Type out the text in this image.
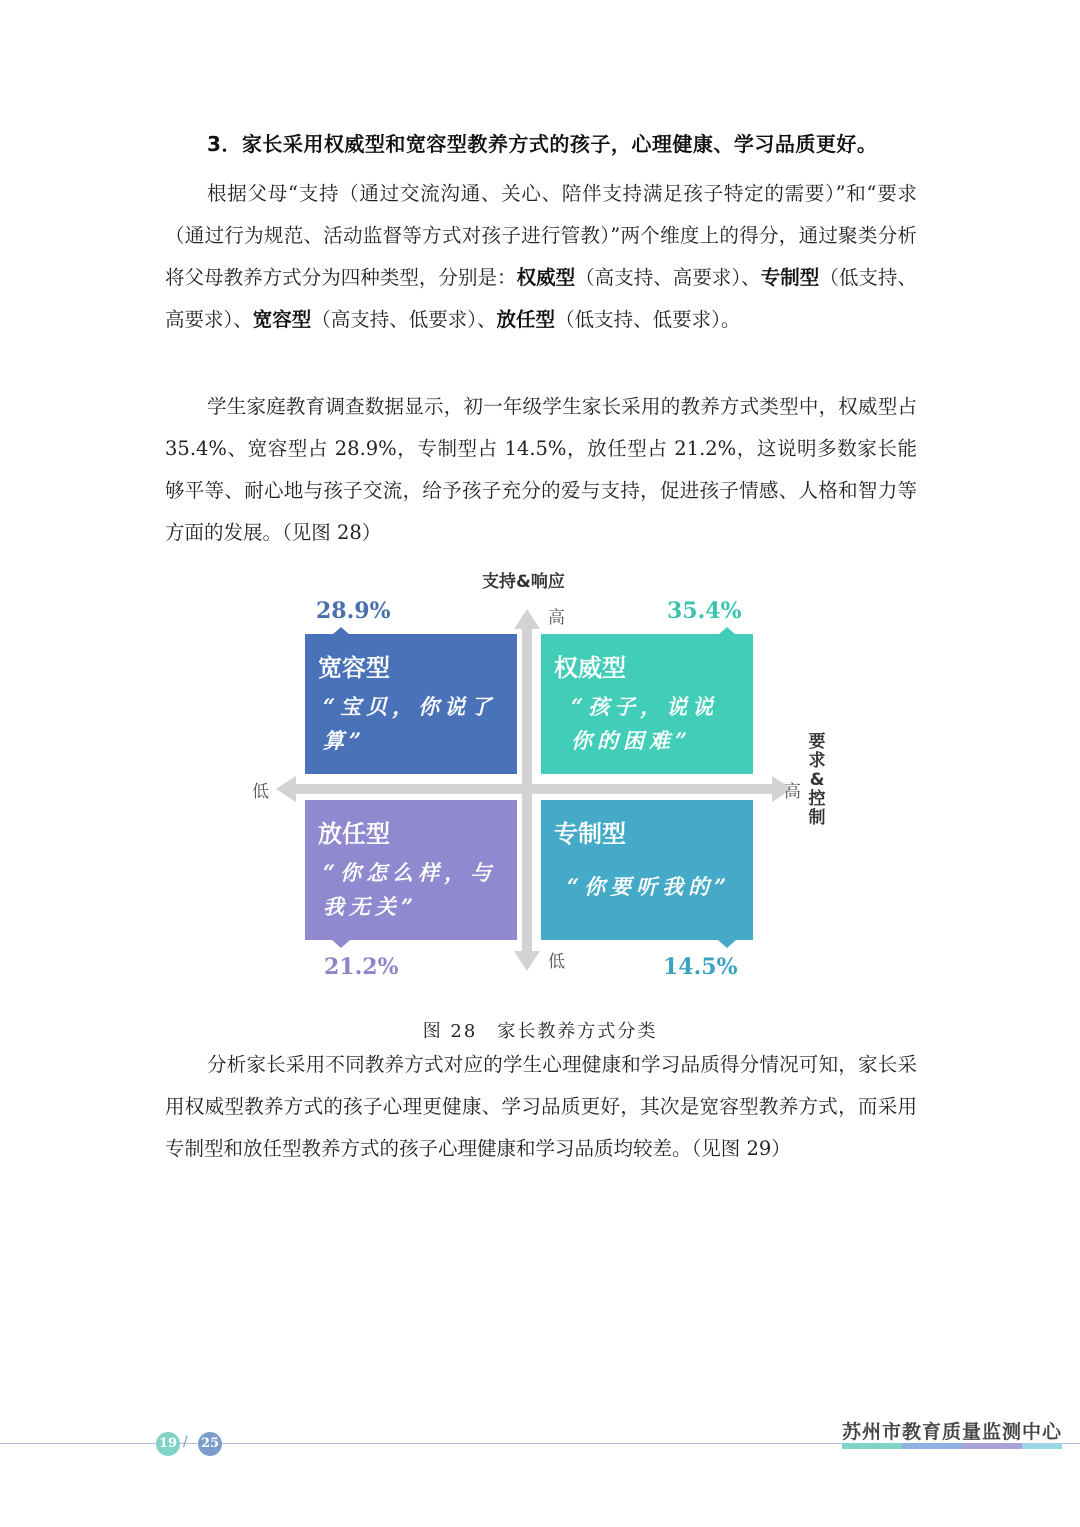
3．家长采用权威型和宽容型教养方式的孩子，心理健康、学习品质更好。

根据父母“支持（通过交流沟通、关心、陪伴支持满足孩子特定的需要）”和“要求（通过行为规范、活动监督等方式对孩子进行管教）”两个维度上的得分，通过聚类分析将父母教养方式分为四种类型，分别是：权威型（高支持、高要求）、专制型（低支持、高要求）、宽容型（高支持、低要求）、放任型（低支持、低要求）。

学生家庭教育调查数据显示，初一年级学生家长采用的教养方式类型中，权威型占 35.4%、宽容型占 28.9%，专制型占 14.5%，放任型占 21.2%，这说明多数家长能够平等、耐心地与孩子交流，给予孩子充分的爱与支持，促进孩子情感、人格和智力等方面的发展。（见图 28）

支持&响应
要求&控制
高
低
低	高
28.9%
宽容型
“宝贝，你说了算”
35.4%
权威型
“孩子，说说你的困难”
放任型
“你怎么样，与我无关”
21.2%
专制型
“你要听我的”
14.5%
图 28　家长教养方式分类

分析家长采用不同教养方式对应的学生心理健康和学习品质得分情况可知，家长采用权威型教养方式的孩子心理更健康、学习品质更好，其次是宽容型教养方式，而采用专制型和放任型教养方式的孩子心理健康和学习品质均较差。（见图 29）

19 / 25
苏州市教育质量监测中心
